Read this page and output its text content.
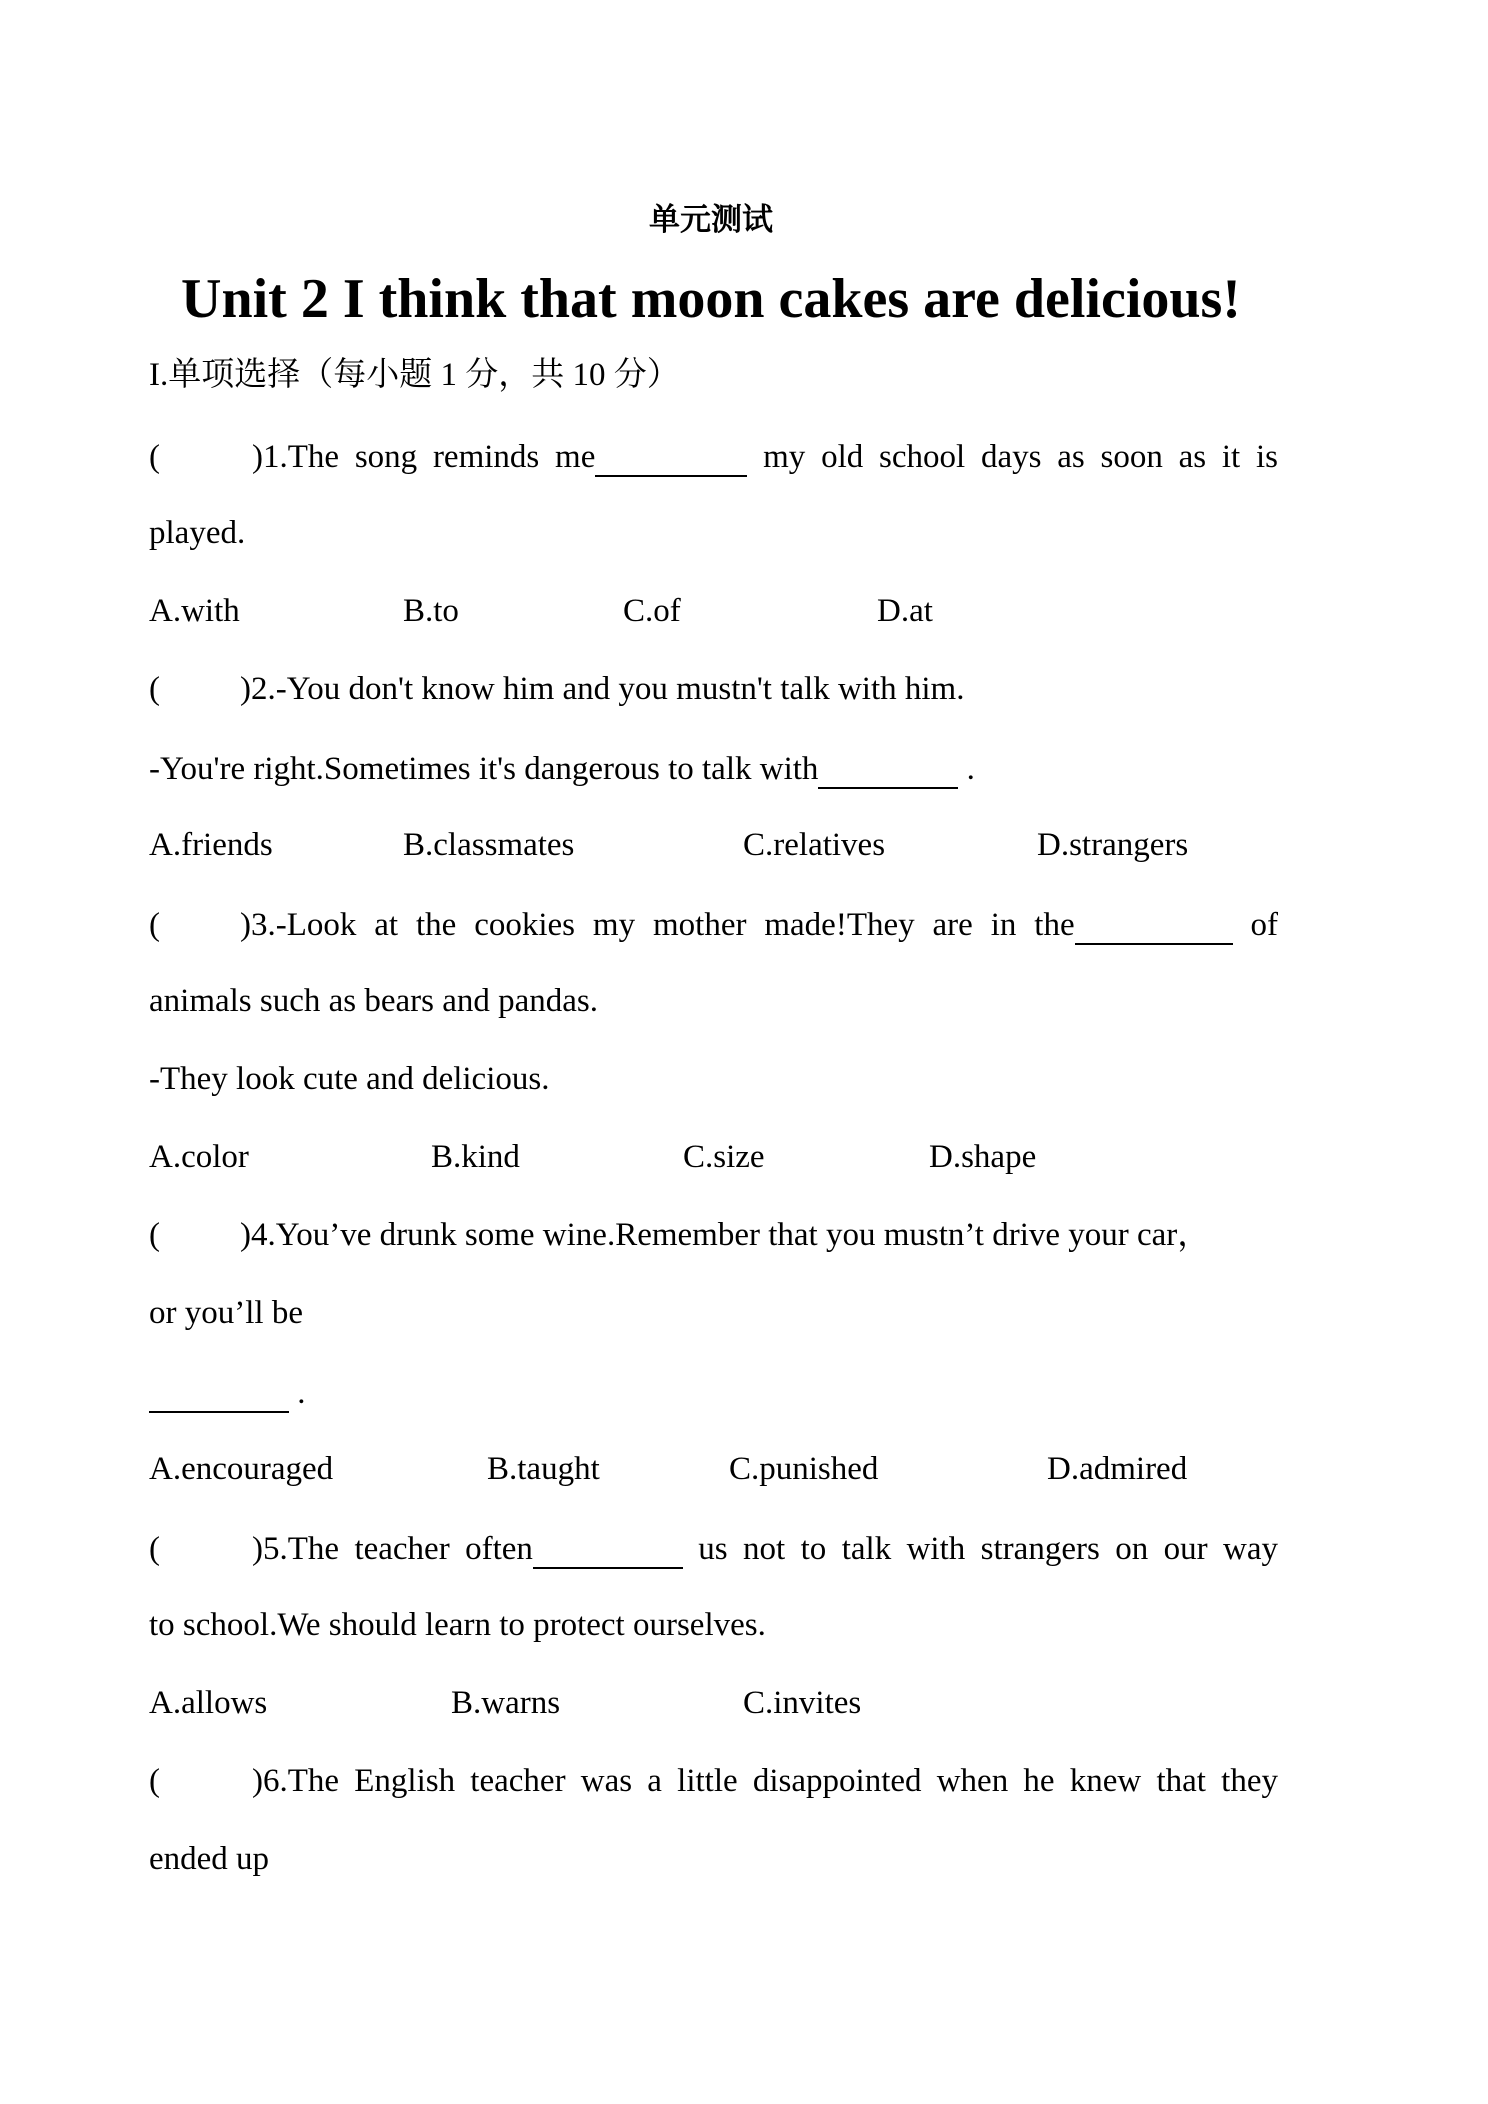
单元测试
Unit 2 I think that moon cakes are delicious!
I.单项选择（每小题 1 分，共 10 分）
(	)1.The song reminds me	my old school days as soon as it is
played.
A.with	B.to	C.of	D.at
( )2.-You don't know him and you mustn't talk with him.
-You're right.Sometimes it's dangerous to talk with	.
A.friends	B.classmates	C.relatives	D.strangers
( )3.-Look at the cookies my mother made!They are in the	of
animals such as bears and pandas.
-They look cute and delicious.
A.color	B.kind	C.size	D.shape
( )4.You’ve drunk some wine.Remember that you mustn’t drive your car，
or you’ll be
.
A.encouraged	B.taught	C.punished	D.admired
(	)5.The teacher often	us not to talk with strangers on our way
to school.We should learn to protect ourselves.
A.allows	B.warns	C.invites
(	)6.The English teacher was a little disappointed when he knew that they
ended up
